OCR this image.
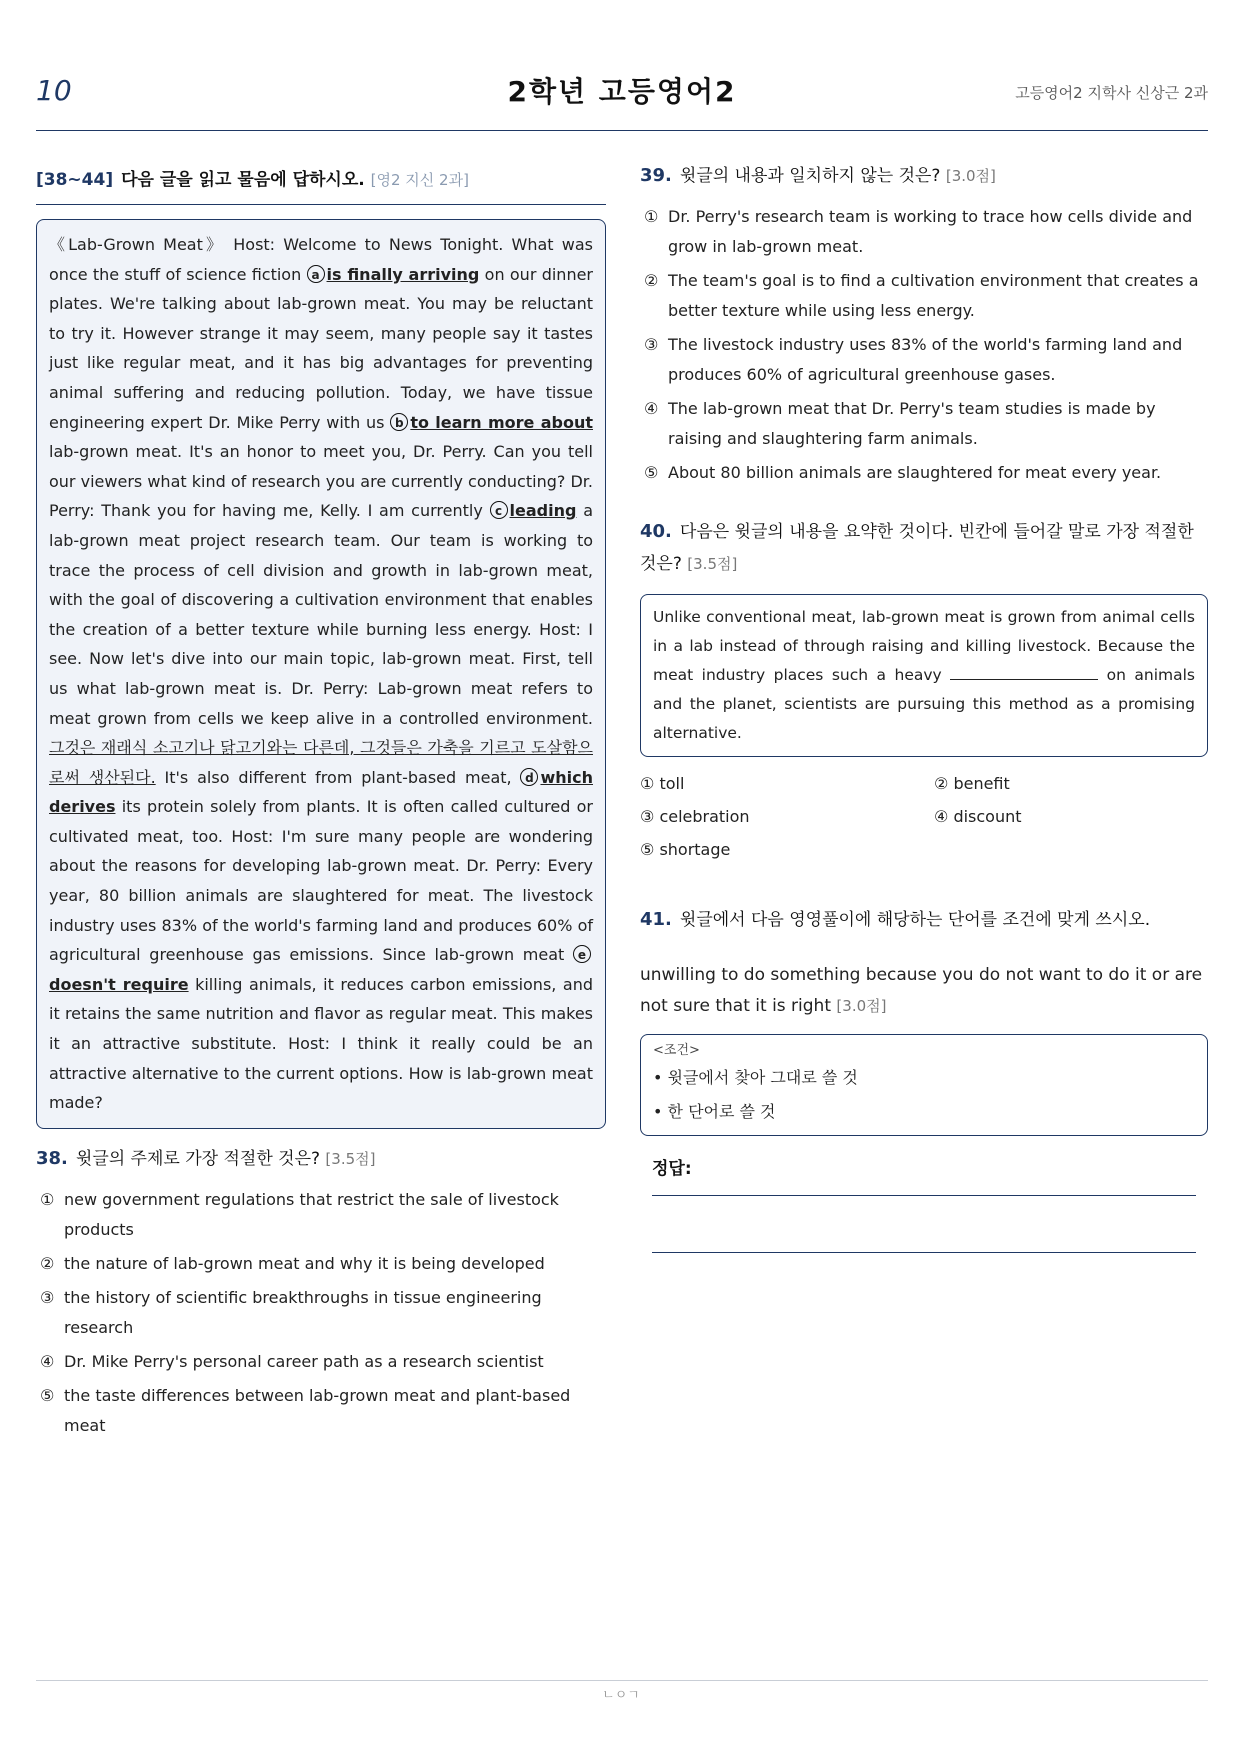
10	2학년 고등영어2	고등영어2 지학사 신상근 2과
[38~44] 다음 글을 읽고 물음에 답하시오. [영2 지신 2과]
《Lab-Grown Meat》 Host: Welcome to News Tonight. What was once the stuff of science fiction a is finally arriving on our dinner plates. We're talking about lab-grown meat. You may be reluctant to try it. However strange it may seem, many people say it tastes just like regular meat, and it has big advantages for preventing animal suffering and reducing pollution. Today, we have tissue engineering expert Dr. Mike Perry with us b to learn more about lab-grown meat. It's an honor to meet you, Dr. Perry. Can you tell our viewers what kind of research you are currently conducting? Dr. Perry: Thank you for having me, Kelly. I am currently c leading a lab-grown meat project research team. Our team is working to trace the process of cell division and growth in lab-grown meat, with the goal of discovering a cultivation environment that enables the creation of a better texture while burning less energy. Host: I see. Now let's dive into our main topic, lab-grown meat. First, tell us what lab-grown meat is. Dr. Perry: Lab-grown meat refers to meat grown from cells we keep alive in a controlled environment. 그것은 재래식 소고기나 닭고기와는 다른데, 그것들은 가축을 기르고 도살함으로써 생산된다. It's also different from plant-based meat, d which derives its protein solely from plants. It is often called cultured or cultivated meat, too. Host: I'm sure many people are wondering about the reasons for developing lab-grown meat. Dr. Perry: Every year, 80 billion animals are slaughtered for meat. The livestock industry uses 83% of the world's farming land and produces 60% of agricultural greenhouse gas emissions. Since lab-grown meat edoesn't require killing animals, it reduces carbon emissions, and it retains the same nutrition and flavor as regular meat. This makes it an attractive substitute. Host: I think it really could be an attractive alternative to the current options. How is lab-grown meat made?
38. 윗글의 주제로 가장 적절한 것은? [3.5점]
① new government regulations that restrict the sale of livestock products
② the nature of lab-grown meat and why it is being developed
③ the history of scientific breakthroughs in tissue engineering research
④ Dr. Mike Perry's personal career path as a research scientist
⑤ the taste differences between lab-grown meat and plant-based meat
39. 윗글의 내용과 일치하지 않는 것은? [3.0점]
① Dr. Perry's research team is working to trace how cells divide and grow in lab-grown meat.
② The team's goal is to find a cultivation environment that creates a better texture while using less energy.
③ The livestock industry uses 83% of the world's farming land and produces 60% of agricultural greenhouse gases.
④ The lab-grown meat that Dr. Perry's team studies is made by raising and slaughtering farm animals.
⑤ About 80 billion animals are slaughtered for meat every year.
40. 다음은 윗글의 내용을 요약한 것이다. 빈칸에 들어갈 말로 가장 적절한 것은? [3.5점]
Unlike conventional meat, lab-grown meat is grown from animal cells in a lab instead of through raising and killing livestock. Because the meat industry places such a heavy	on animals and the planet, scientists are pursuing this method as a promising alternative.
① toll	② benefit
③ celebration	④ discount
⑤ shortage
41. 윗글에서 다음 영영풀이에 해당하는 단어를 조건에 맞게 쓰시오.
unwilling to do something because you do not want to do it or are not sure that it is right [3.0점]
<조건>
• 윗글에서 찾아 그대로 쓸 것
• 한 단어로 쓸 것
정답:
ㄴㅇㄱ
